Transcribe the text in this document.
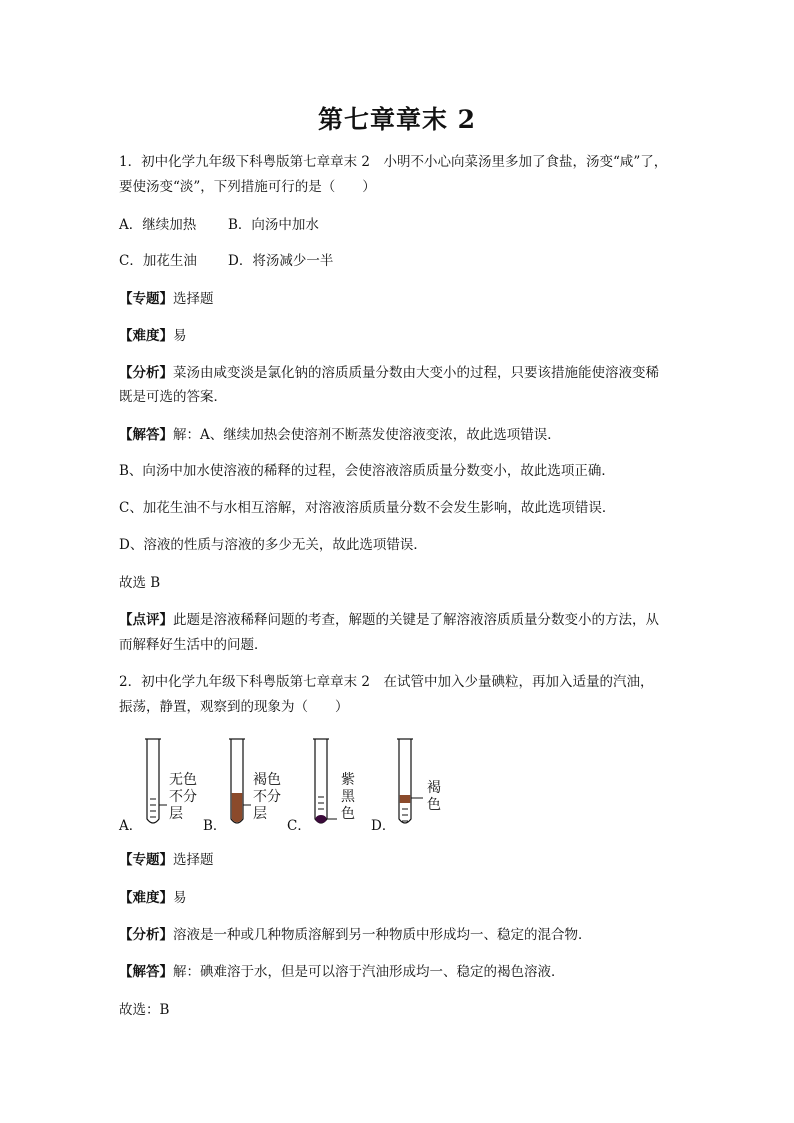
第七章章末 2
1．初中化学九年级下科粤版第七章章末 2　小明不小心向菜汤里多加了食盐，汤变“咸”了，
要使汤变“淡”，下列措施可行的是（　　）
A．继续加热 B．向汤中加水
C．加花生油 D．将汤减少一半
【专题】选择题
【难度】易
【分析】菜汤由咸变淡是氯化钠的溶质质量分数由大变小的过程，只要该措施能使溶液变稀
既是可选的答案．
【解答】解：A、继续加热会使溶剂不断蒸发使溶液变浓，故此选项错误．
B、向汤中加水使溶液的稀释的过程，会使溶液溶质质量分数变小，故此选项正确．
C、加花生油不与水相互溶解，对溶液溶质质量分数不会发生影响，故此选项错误．
D、溶液的性质与溶液的多少无关，故此选项错误．
故选 B
【点评】此题是溶液稀释问题的考查，解题的关键是了解溶液溶质质量分数变小的方法，从
而解释好生活中的问题．
2．初中化学九年级下科粤版第七章章末 2　在试管中加入少量碘粒，再加入适量的汽油，
振荡，静置，观察到的现象为（　　）
A．
无色
不分
层
B．
褐色
不分
层
C．
紫
黑
色
D．
褐
色
【专题】选择题
【难度】易
【分析】溶液是一种或几种物质溶解到另一种物质中形成均一、稳定的混合物．
【解答】解：碘难溶于水，但是可以溶于汽油形成均一、稳定的褐色溶液．
故选：B
